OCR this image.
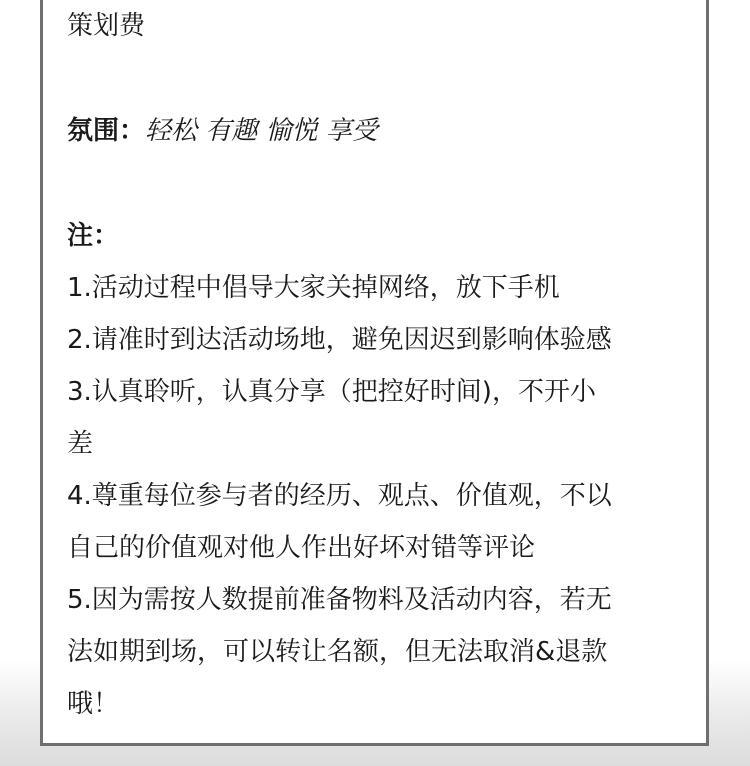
策划费
氛围：轻松 有趣 愉悦 享受
注：
1.活动过程中倡导大家关掉网络，放下手机
2.请准时到达活动场地，避免因迟到影响体验感
3.认真聆听，认真分享（把控好时间)，不开小
差
4.尊重每位参与者的经历、观点、价值观，不以
自己的价值观对他人作出好坏对错等评论
5.因为需按人数提前准备物料及活动内容，若无
法如期到场，可以转让名额，但无法取消&退款
哦！
